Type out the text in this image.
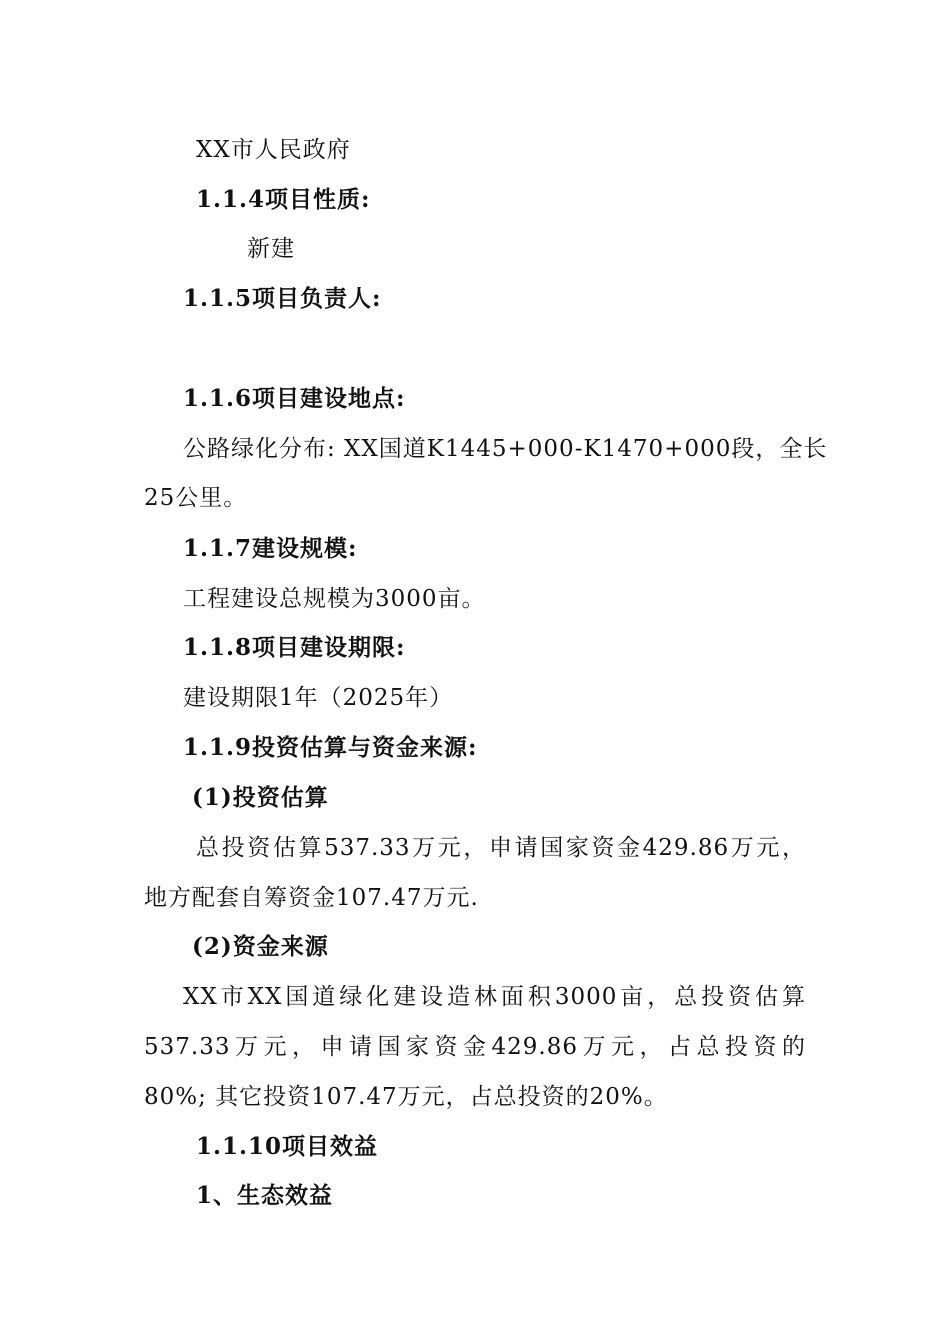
XX市人民政府
1.1.4项目性质:
新建
1.1.5项目负责人:
1.1.6项目建设地点:
公路绿化分布: XX国道K1445+000-K1470+000段，全长
25公里。
1.1.7建设规模:
工程建设总规模为3000亩。
1.1.8项目建设期限:
建设期限1年（2025年）
1.1.9投资估算与资金来源:
(1)投资估算
总投资估算537.33万元，申请国家资金429.86万元，
地方配套自筹资金107.47万元.
(2)资金来源
XX市XX国道绿化建设造林面积3000亩，总投资估算
537.33万元，申请国家资金429.86万元，占总投资的
80%; 其它投资107.47万元，占总投资的20%。
1.1.10项目效益
1、生态效益
